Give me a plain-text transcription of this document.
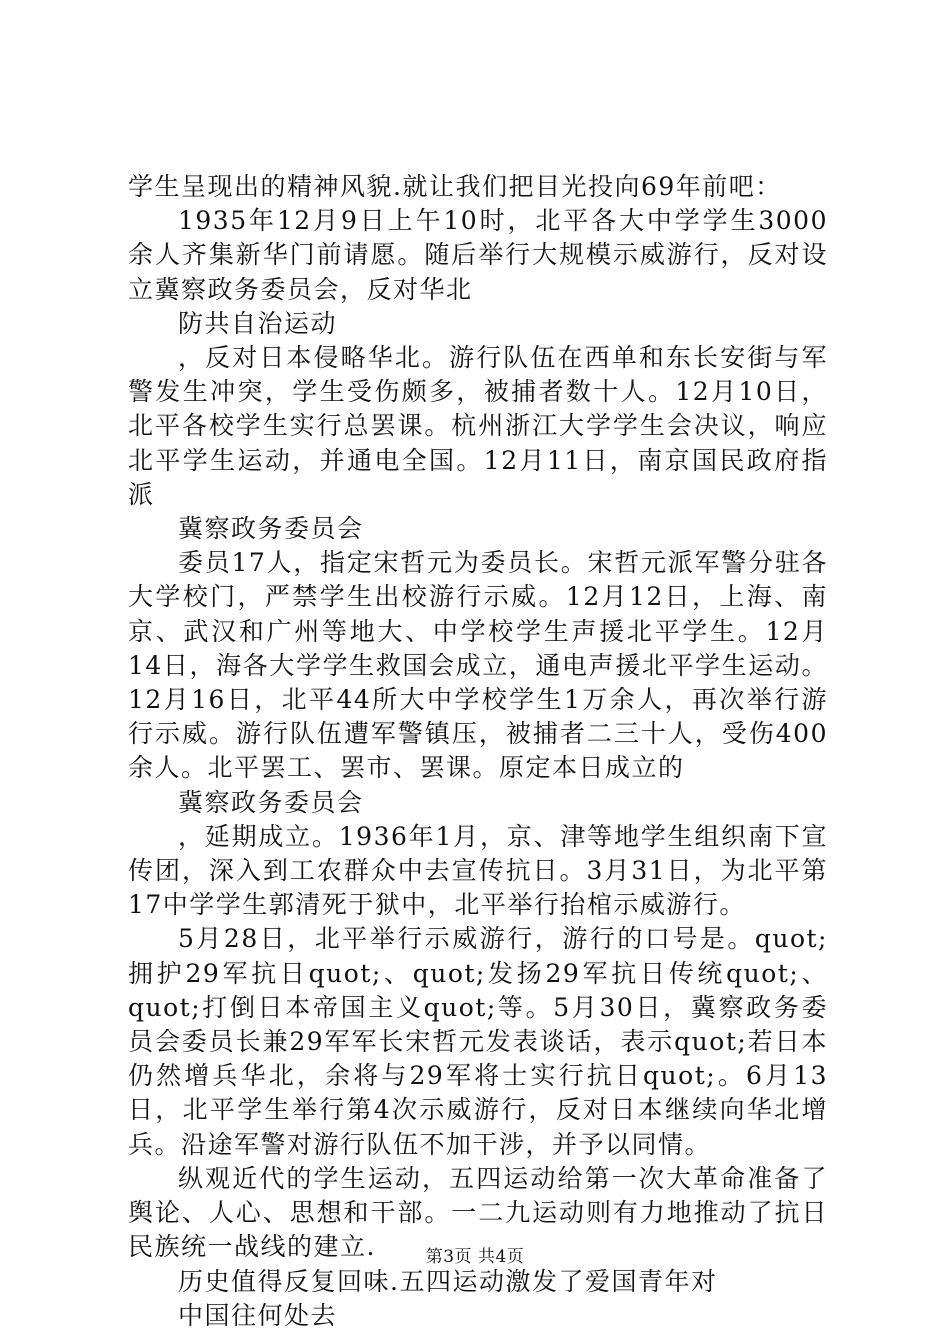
学生呈现出的精神风貌.就让我们把目光投向69年前吧：

1935年12月9日上午10时，北平各大中学学生3000余人齐集新华门前请愿。随后举行大规模示威游行，反对设立冀察政务委员会，反对华北

防共自治运动

，反对日本侵略华北。游行队伍在西单和东长安街与军警发生冲突，学生受伤颇多，被捕者数十人。12月10日，北平各校学生实行总罢课。杭州浙江大学学生会决议，响应北平学生运动，并通电全国。12月11日，南京国民政府指派

冀察政务委员会

委员17人，指定宋哲元为委员长。宋哲元派军警分驻各大学校门，严禁学生出校游行示威。12月12日，上海、南京、武汉和广州等地大、中学校学生声援北平学生。12月14日，海各大学学生救国会成立，通电声援北平学生运动。12月16日，北平44所大中学校学生1万余人，再次举行游行示威。游行队伍遭军警镇压，被捕者二三十人，受伤400余人。北平罢工、罢市、罢课。原定本日成立的

冀察政务委员会

，延期成立。1936年1月，京、津等地学生组织南下宣传团，深入到工农群众中去宣传抗日。3月31日，为北平第17中学学生郭清死于狱中，北平举行抬棺示威游行。

5月28日，北平举行示威游行，游行的口号是。quot;拥护29军抗日quot;、quot;发扬29军抗日传统quot;、quot;打倒日本帝国主义quot;等。5月30日，冀察政务委员会委员长兼29军军长宋哲元发表谈话，表示quot;若日本仍然增兵华北，余将与29军将士实行抗日quot;。6月13日，北平学生举行第4次示威游行，反对日本继续向华北增兵。沿途军警对游行队伍不加干涉，并予以同情。

纵观近代的学生运动，五四运动给第一次大革命准备了舆论、人心、思想和干部。一二九运动则有力地推动了抗日民族统一战线的建立.

历史值得反复回味.五四运动激发了爱国青年对

中国往何处去

第3页 共4页
